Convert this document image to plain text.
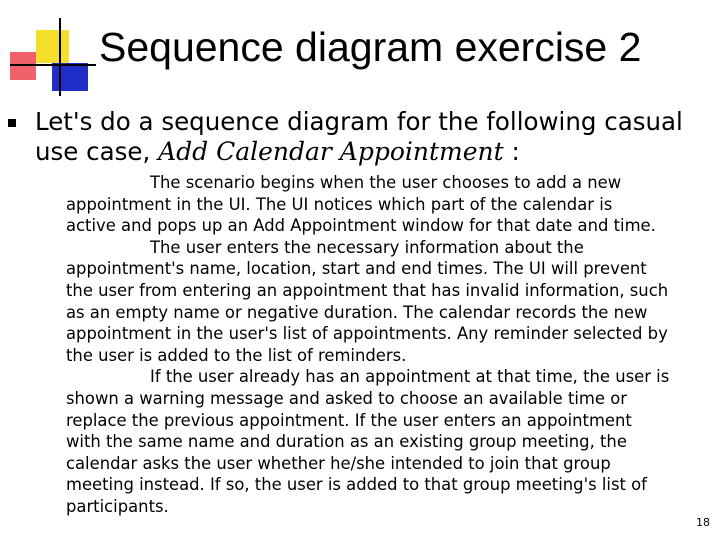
Sequence diagram exercise 2
Let's do a sequence diagram for the following casual
use case, Add Calendar Appointment :
The scenario begins when the user chooses to add a new
appointment in the UI. The UI notices which part of the calendar is
active and pops up an Add Appointment window for that date and time.
The user enters the necessary information about the
appointment's name, location, start and end times. The UI will prevent
the user from entering an appointment that has invalid information, such
as an empty name or negative duration. The calendar records the new
appointment in the user's list of appointments. Any reminder selected by
the user is added to the list of reminders.
If the user already has an appointment at that time, the user is
shown a warning message and asked to choose an available time or
replace the previous appointment. If the user enters an appointment
with the same name and duration as an existing group meeting, the
calendar asks the user whether he/she intended to join that group
meeting instead. If so, the user is added to that group meeting's list of
participants.
18
